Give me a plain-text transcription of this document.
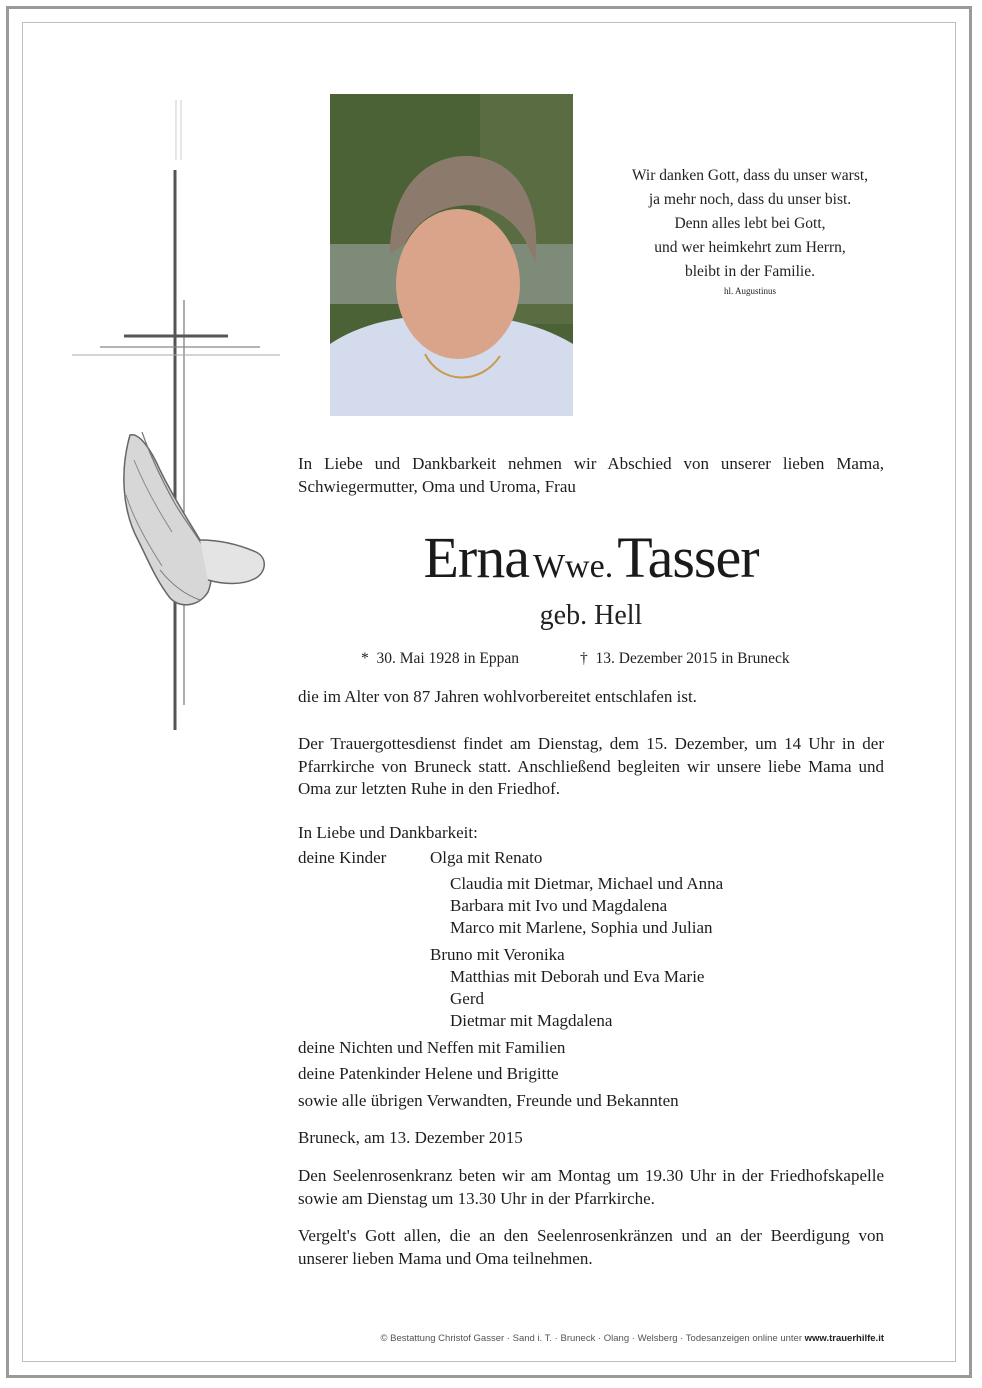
Wir danken Gott, dass du unser warst,
ja mehr noch, dass du unser bist.
Denn alles lebt bei Gott,
und wer heimkehrt zum Herrn,
bleibt in der Familie.
hl. Augustinus
In Liebe und Dankbarkeit nehmen wir Abschied von unserer lieben Mama, Schwiegermutter, Oma und Uroma, Frau
Erna Wwe. Tasser
geb. Hell
* 30. Mai 1928 in Eppan	† 13. Dezember 2015 in Bruneck
die im Alter von 87 Jahren wohlvorbereitet entschlafen ist.
Der Trauergottesdienst findet am Dienstag, dem 15. Dezember, um 14 Uhr in der Pfarrkirche von Bruneck statt. Anschließend begleiten wir unsere liebe Mama und Oma zur letzten Ruhe in den Friedhof.
In Liebe und Dankbarkeit:
deine Kinder	Olga mit Renato
Claudia mit Dietmar, Michael und Anna
Barbara mit Ivo und Magdalena
Marco mit Marlene, Sophia und Julian
Bruno mit Veronika
Matthias mit Deborah und Eva Marie
Gerd
Dietmar mit Magdalena
deine Nichten und Neffen mit Familien
deine Patenkinder Helene und Brigitte
sowie alle übrigen Verwandten, Freunde und Bekannten
Bruneck, am 13. Dezember 2015
Den Seelenrosenkranz beten wir am Montag um 19.30 Uhr in der Friedhofskapelle sowie am Dienstag um 13.30 Uhr in der Pfarrkirche.
Vergelt's Gott allen, die an den Seelenrosenkränzen und an der Beerdigung von unserer lieben Mama und Oma teilnehmen.
© Bestattung Christof Gasser · Sand i. T. · Bruneck · Olang · Welsberg · Todesanzeigen online unter www.trauerhilfe.it
